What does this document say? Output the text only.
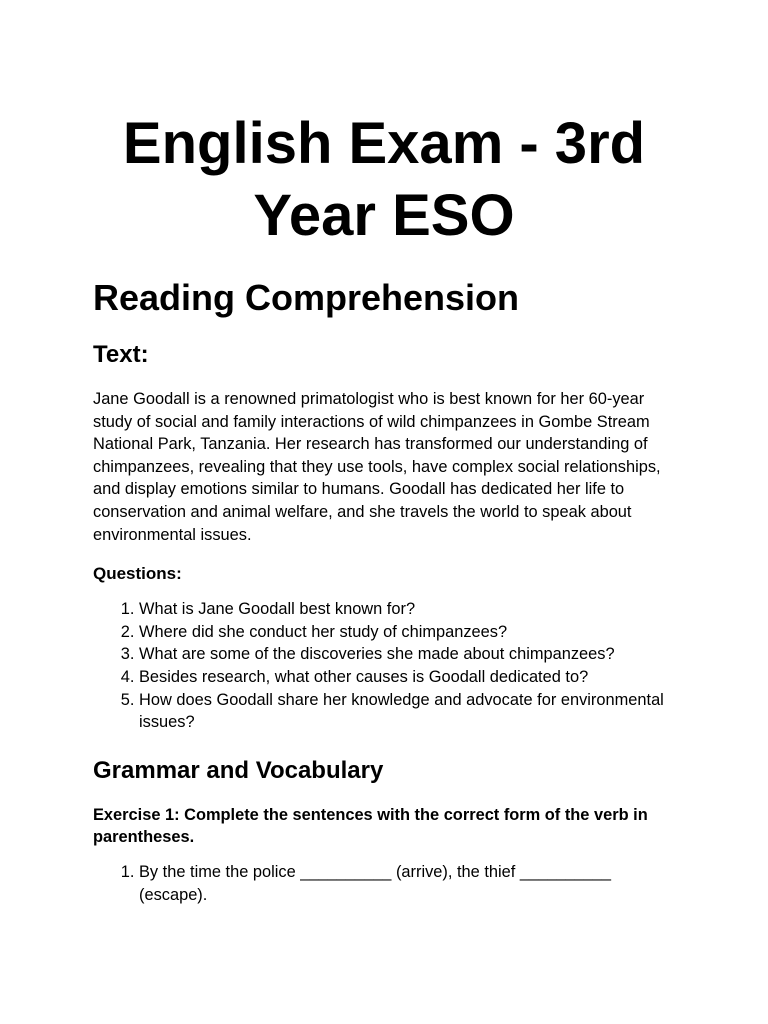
English Exam - 3rd Year ESO
Reading Comprehension
Text:

Jane Goodall is a renowned primatologist who is best known for her 60-year study of social and family interactions of wild chimpanzees in Gombe Stream National Park, Tanzania. Her research has transformed our understanding of chimpanzees, revealing that they use tools, have complex social relationships, and display emotions similar to humans. Goodall has dedicated her life to conservation and animal welfare, and she travels the world to speak about environmental issues.

Questions:

1. What is Jane Goodall best known for?
2. Where did she conduct her study of chimpanzees?
3. What are some of the discoveries she made about chimpanzees?
4. Besides research, what other causes is Goodall dedicated to?
5. How does Goodall share her knowledge and advocate for environmental issues?
Grammar and Vocabulary

Exercise 1: Complete the sentences with the correct form of the verb in parentheses.

1. By the time the police __________ (arrive), the thief __________ (escape).
